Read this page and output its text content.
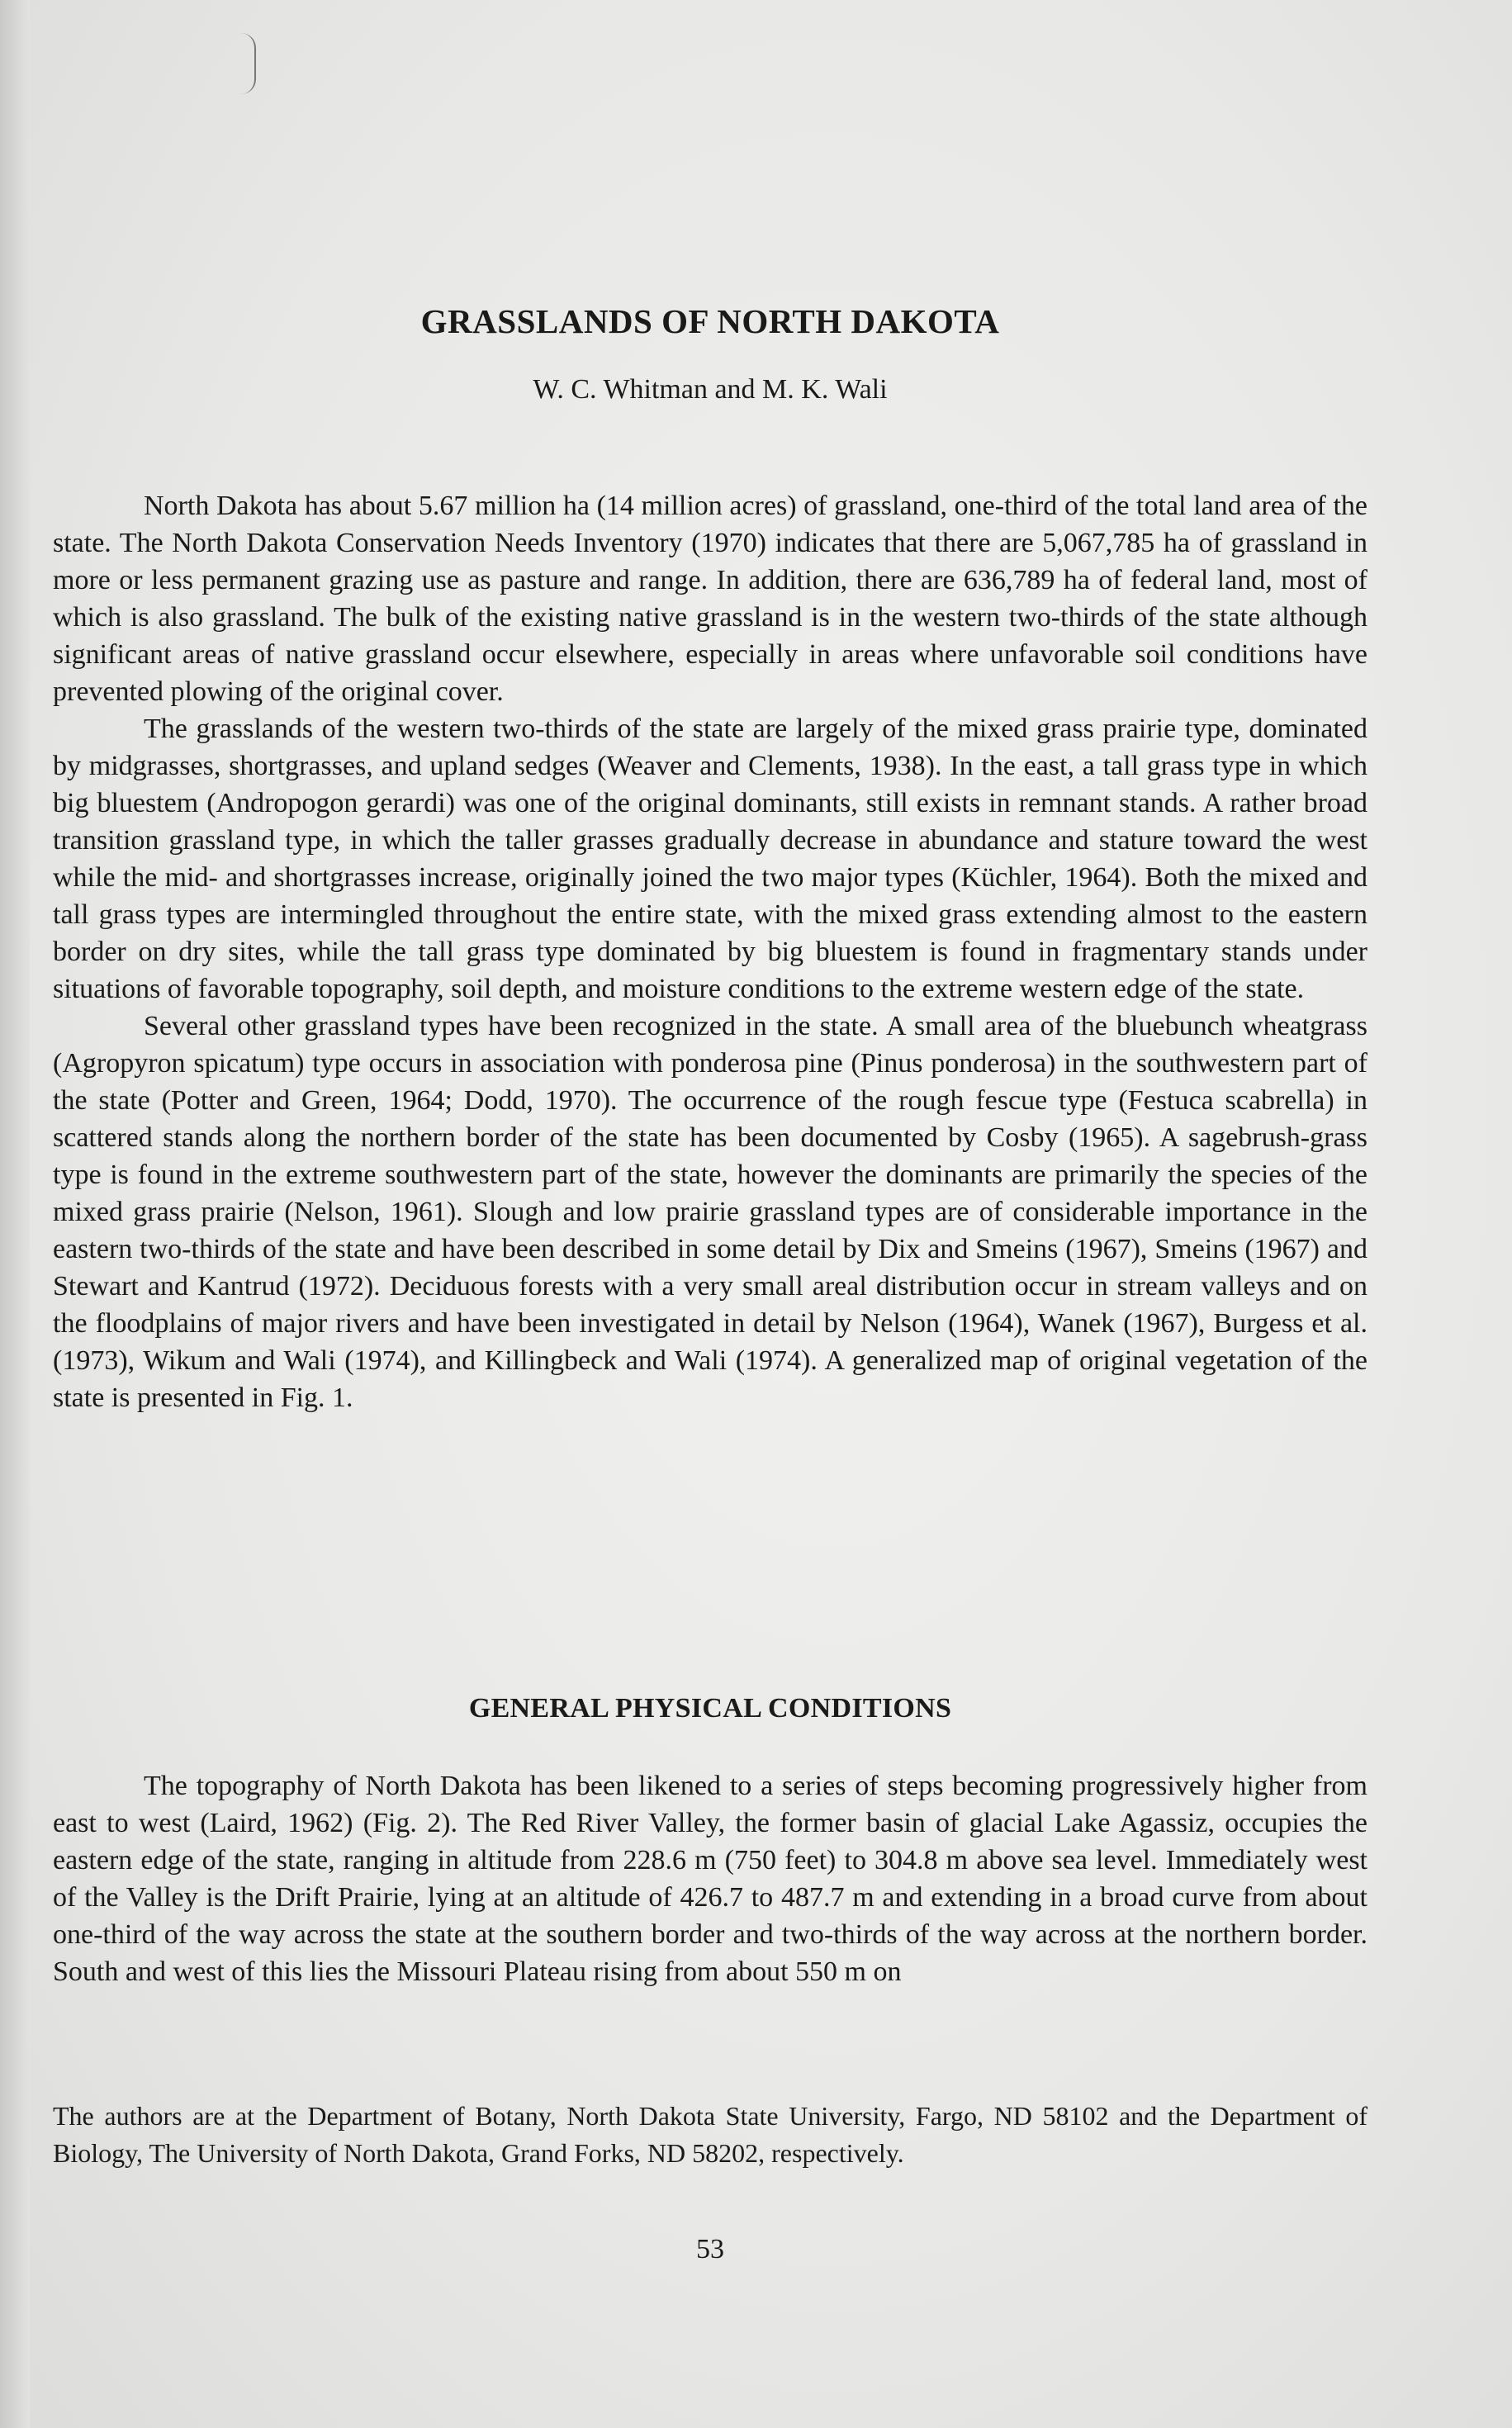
GRASSLANDS OF NORTH DAKOTA

W. C. Whitman and M. K. Wali

North Dakota has about 5.67 million ha (14 million acres) of grassland, one-third of the total land area of the state. The North Dakota Conservation Needs Inventory (1970) indicates that there are 5,067,785 ha of grassland in more or less permanent grazing use as pasture and range. In addition, there are 636,789 ha of federal land, most of which is also grassland. The bulk of the existing native grassland is in the western two-thirds of the state although significant areas of native grassland occur elsewhere, especially in areas where unfavorable soil conditions have prevented plowing of the original cover.

The grasslands of the western two-thirds of the state are largely of the mixed grass prairie type, dominated by midgrasses, shortgrasses, and upland sedges (Weaver and Clements, 1938). In the east, a tall grass type in which big bluestem (Andropogon gerardi) was one of the original dominants, still exists in remnant stands. A rather broad transition grassland type, in which the taller grasses gradually decrease in abundance and stature toward the west while the mid- and shortgrasses increase, originally joined the two major types (Küchler, 1964). Both the mixed and tall grass types are intermingled throughout the entire state, with the mixed grass extending almost to the eastern border on dry sites, while the tall grass type dominated by big bluestem is found in fragmentary stands under situations of favorable topography, soil depth, and moisture conditions to the extreme western edge of the state.

Several other grassland types have been recognized in the state. A small area of the bluebunch wheatgrass (Agropyron spicatum) type occurs in association with ponderosa pine (Pinus ponderosa) in the southwestern part of the state (Potter and Green, 1964; Dodd, 1970). The occurrence of the rough fescue type (Festuca scabrella) in scattered stands along the northern border of the state has been documented by Cosby (1965). A sagebrush-grass type is found in the extreme southwestern part of the state, however the dominants are primarily the species of the mixed grass prairie (Nelson, 1961). Slough and low prairie grassland types are of considerable importance in the eastern two-thirds of the state and have been described in some detail by Dix and Smeins (1967), Smeins (1967) and Stewart and Kantrud (1972). Deciduous forests with a very small areal distribution occur in stream valleys and on the floodplains of major rivers and have been investigated in detail by Nelson (1964), Wanek (1967), Burgess et al. (1973), Wikum and Wali (1974), and Killingbeck and Wali (1974). A generalized map of original vegetation of the state is presented in Fig. 1.

GENERAL PHYSICAL CONDITIONS

The topography of North Dakota has been likened to a series of steps becoming progressively higher from east to west (Laird, 1962) (Fig. 2). The Red River Valley, the former basin of glacial Lake Agassiz, occupies the eastern edge of the state, ranging in altitude from 228.6 m (750 feet) to 304.8 m above sea level. Immediately west of the Valley is the Drift Prairie, lying at an altitude of 426.7 to 487.7 m and extending in a broad curve from about one-third of the way across the state at the southern border and two-thirds of the way across at the northern border. South and west of this lies the Missouri Plateau rising from about 550 m on

The authors are at the Department of Botany, North Dakota State University, Fargo, ND 58102 and the Department of Biology, The University of North Dakota, Grand Forks, ND 58202, respectively.

53
